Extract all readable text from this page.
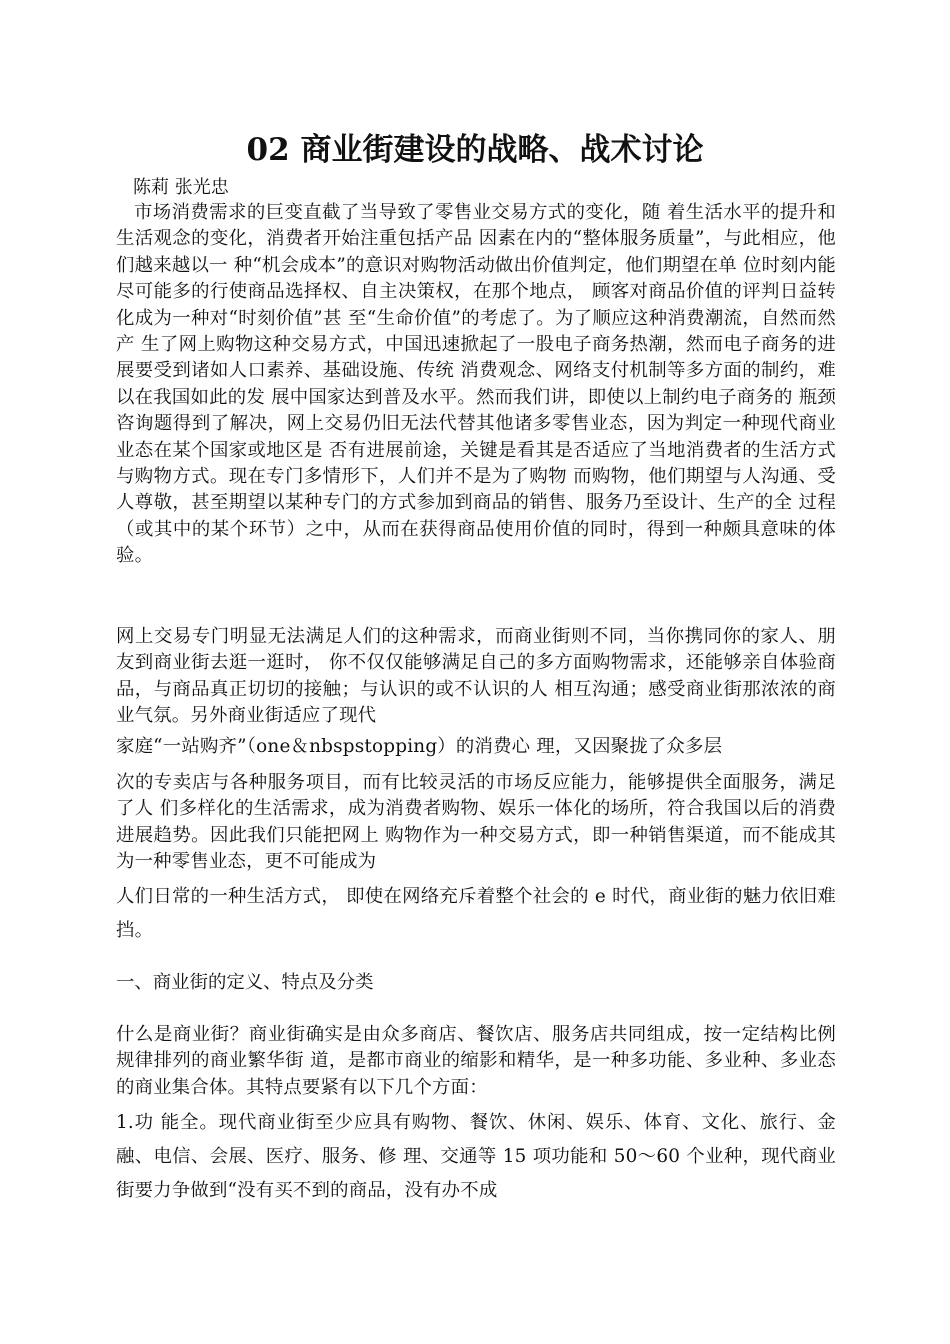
02 商业街建设的战略、战术讨论
陈莉 张光忠

市场消费需求的巨变直截了当导致了零售业交易方式的变化，随 着生活水平的提升和生活观念的变化，消费者开始注重包括产品 因素在内的“整体服务质量”，与此相应，他们越来越以一 种“机会成本”的意识对购物活动做出价值判定，他们期望在单 位时刻内能尽可能多的行使商品选择权、自主决策权，在那个地点， 顾客对商品价值的评判日益转化成为一种对“时刻价值”甚 至“生命价值”的考虑了。为了顺应这种消费潮流，自然而然产 生了网上购物这种交易方式，中国迅速掀起了一股电子商务热潮，然而电子商务的进展要受到诸如人口素养、基础设施、传统 消费观念、网络支付机制等多方面的制约，难以在我国如此的发 展中国家达到普及水平。然而我们讲，即使以上制约电子商务的 瓶颈咨询题得到了解决，网上交易仍旧无法代替其他诸多零售业态，因为判定一种现代商业业态在某个国家或地区是 否有进展前途，关键是看其是否适应了当地消费者的生活方式与购物方式。现在专门多情形下，人们并不是为了购物 而购物，他们期望与人沟通、受人尊敬，甚至期望以某种专门的方式参加到商品的销售、服务乃至设计、生产的全 过程（或其中的某个环节）之中，从而在获得商品使用价值的同时，得到一种颇具意味的体验。

网上交易专门明显无法满足人们的这种需求，而商业街则不同，当你携同你的家人、朋友到商业街去逛一逛时， 你不仅仅能够满足自己的多方面购物需求，还能够亲自体验商品，与商品真正切切的接触；与认识的或不认识的人 相互沟通；感受商业街那浓浓的商业气氛。另外商业街适应了现代

家庭“一站购齐”（one＆nbspstopping）的消费心 理，又因聚拢了众多层

次的专卖店与各种服务项目，而有比较灵活的市场反应能力，能够提供全面服务，满足了人 们多样化的生活需求，成为消费者购物、娱乐一体化的场所，符合我国以后的消费进展趋势。因此我们只能把网上 购物作为一种交易方式，即一种销售渠道，而不能成其为一种零售业态，更不可能成为

人们日常的一种生活方式， 即使在网络充斥着整个社会的 e 时代，商业街的魅力依旧难挡。

一、商业街的定义、特点及分类

什么是商业街？商业街确实是由众多商店、餐饮店、服务店共同组成，按一定结构比例规律排列的商业繁华街 道，是都市商业的缩影和精华，是一种多功能、多业种、多业态的商业集合体。其特点要紧有以下几个方面：

1.功 能全。现代商业街至少应具有购物、餐饮、休闲、娱乐、体育、文化、旅行、金融、电信、会展、医疗、服务、修 理、交通等 15 项功能和 50～60 个业种，现代商业街要力争做到“没有买不到的商品，没有办不成
